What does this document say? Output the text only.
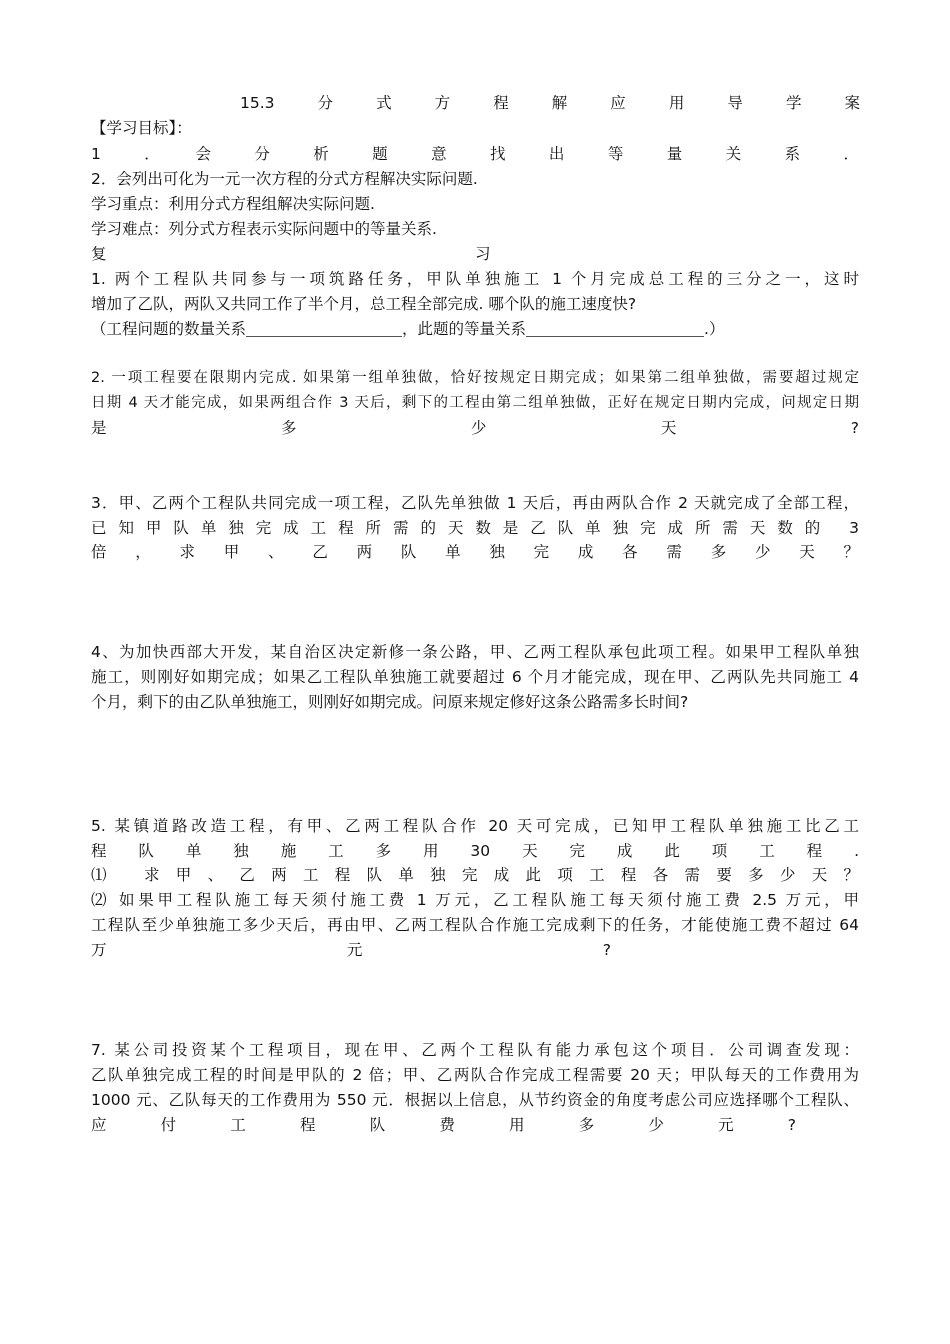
15.3　分　式　方　程　解　应　用　导　学　案
【学习目标】：
1　．　会　分　析　题　意　找　出　等　量　关　系　．
2．会列出可化为一元一次方程的分式方程解决实际问题.
学习重点：利用分式方程组解决实际问题.
学习难点：列分式方程表示实际问题中的等量关系.
复	习
1. 两个工程队共同参与一项筑路任务，甲队单独施工 1 个月完成总工程的三分之一，这时
增加了乙队，两队又共同工作了半个月，总工程全部完成. 哪个队的施工速度快?
（工程问题的数量关系	，此题的等量关系	.）
2. 一项工程要在限期内完成. 如果第一组单独做，恰好按规定日期完成；如果第二组单独做，需要超过规定
日期 4 天才能完成，如果两组合作 3 天后，剩下的工程由第二组单独做，正好在规定日期内完成，问规定日期
是　多　少　天　?
3．甲、乙两个工程队共同完成一项工程，乙队先单独做 1 天后，再由两队合作 2 天就完成了全部工程，
已知甲队单独完成工程所需的天数是乙队单独完成所需天数的 3
倍，求甲、乙两队单独完成各需多少天？
4、为加快西部大开发，某自治区决定新修一条公路，甲、乙两工程队承包此项工程。如果甲工程队单独
施工，则刚好如期完成；如果乙工程队单独施工就要超过 6 个月才能完成，现在甲、乙两队先共同施工 4
个月，剩下的由乙队单独施工，则刚好如期完成。问原来规定修好这条公路需多长时间?
5. 某镇道路改造工程，有甲、乙两工程队合作 20 天可完成，已知甲工程队单独施工比乙工
程　队　单　独　施　工　多　用　30　天　完　成　此　项　工　程　.
⑴ 求甲、乙两工程队单独完成此项工程各需要多少天？
⑵ 如果甲工程队施工每天须付施工费 1 万元，乙工程队施工每天须付施工费 2.5 万元，甲
工程队至少单独施工多少天后，再由甲、乙两工程队合作施工完成剩下的任务，才能使施工费不超过 64
万　元　?
7. 某公司投资某个工程项目，现在甲、乙两个工程队有能力承包这个项目．公司调查发现：
乙队单独完成工程的时间是甲队的 2 倍；甲、乙两队合作完成工程需要 20 天；甲队每天的工作费用为
1000 元、乙队每天的工作费用为 550 元．根据以上信息，从节约资金的角度考虑公司应选择哪个工程队、
应　付　工　程　队　费　用　多　少　元　?
